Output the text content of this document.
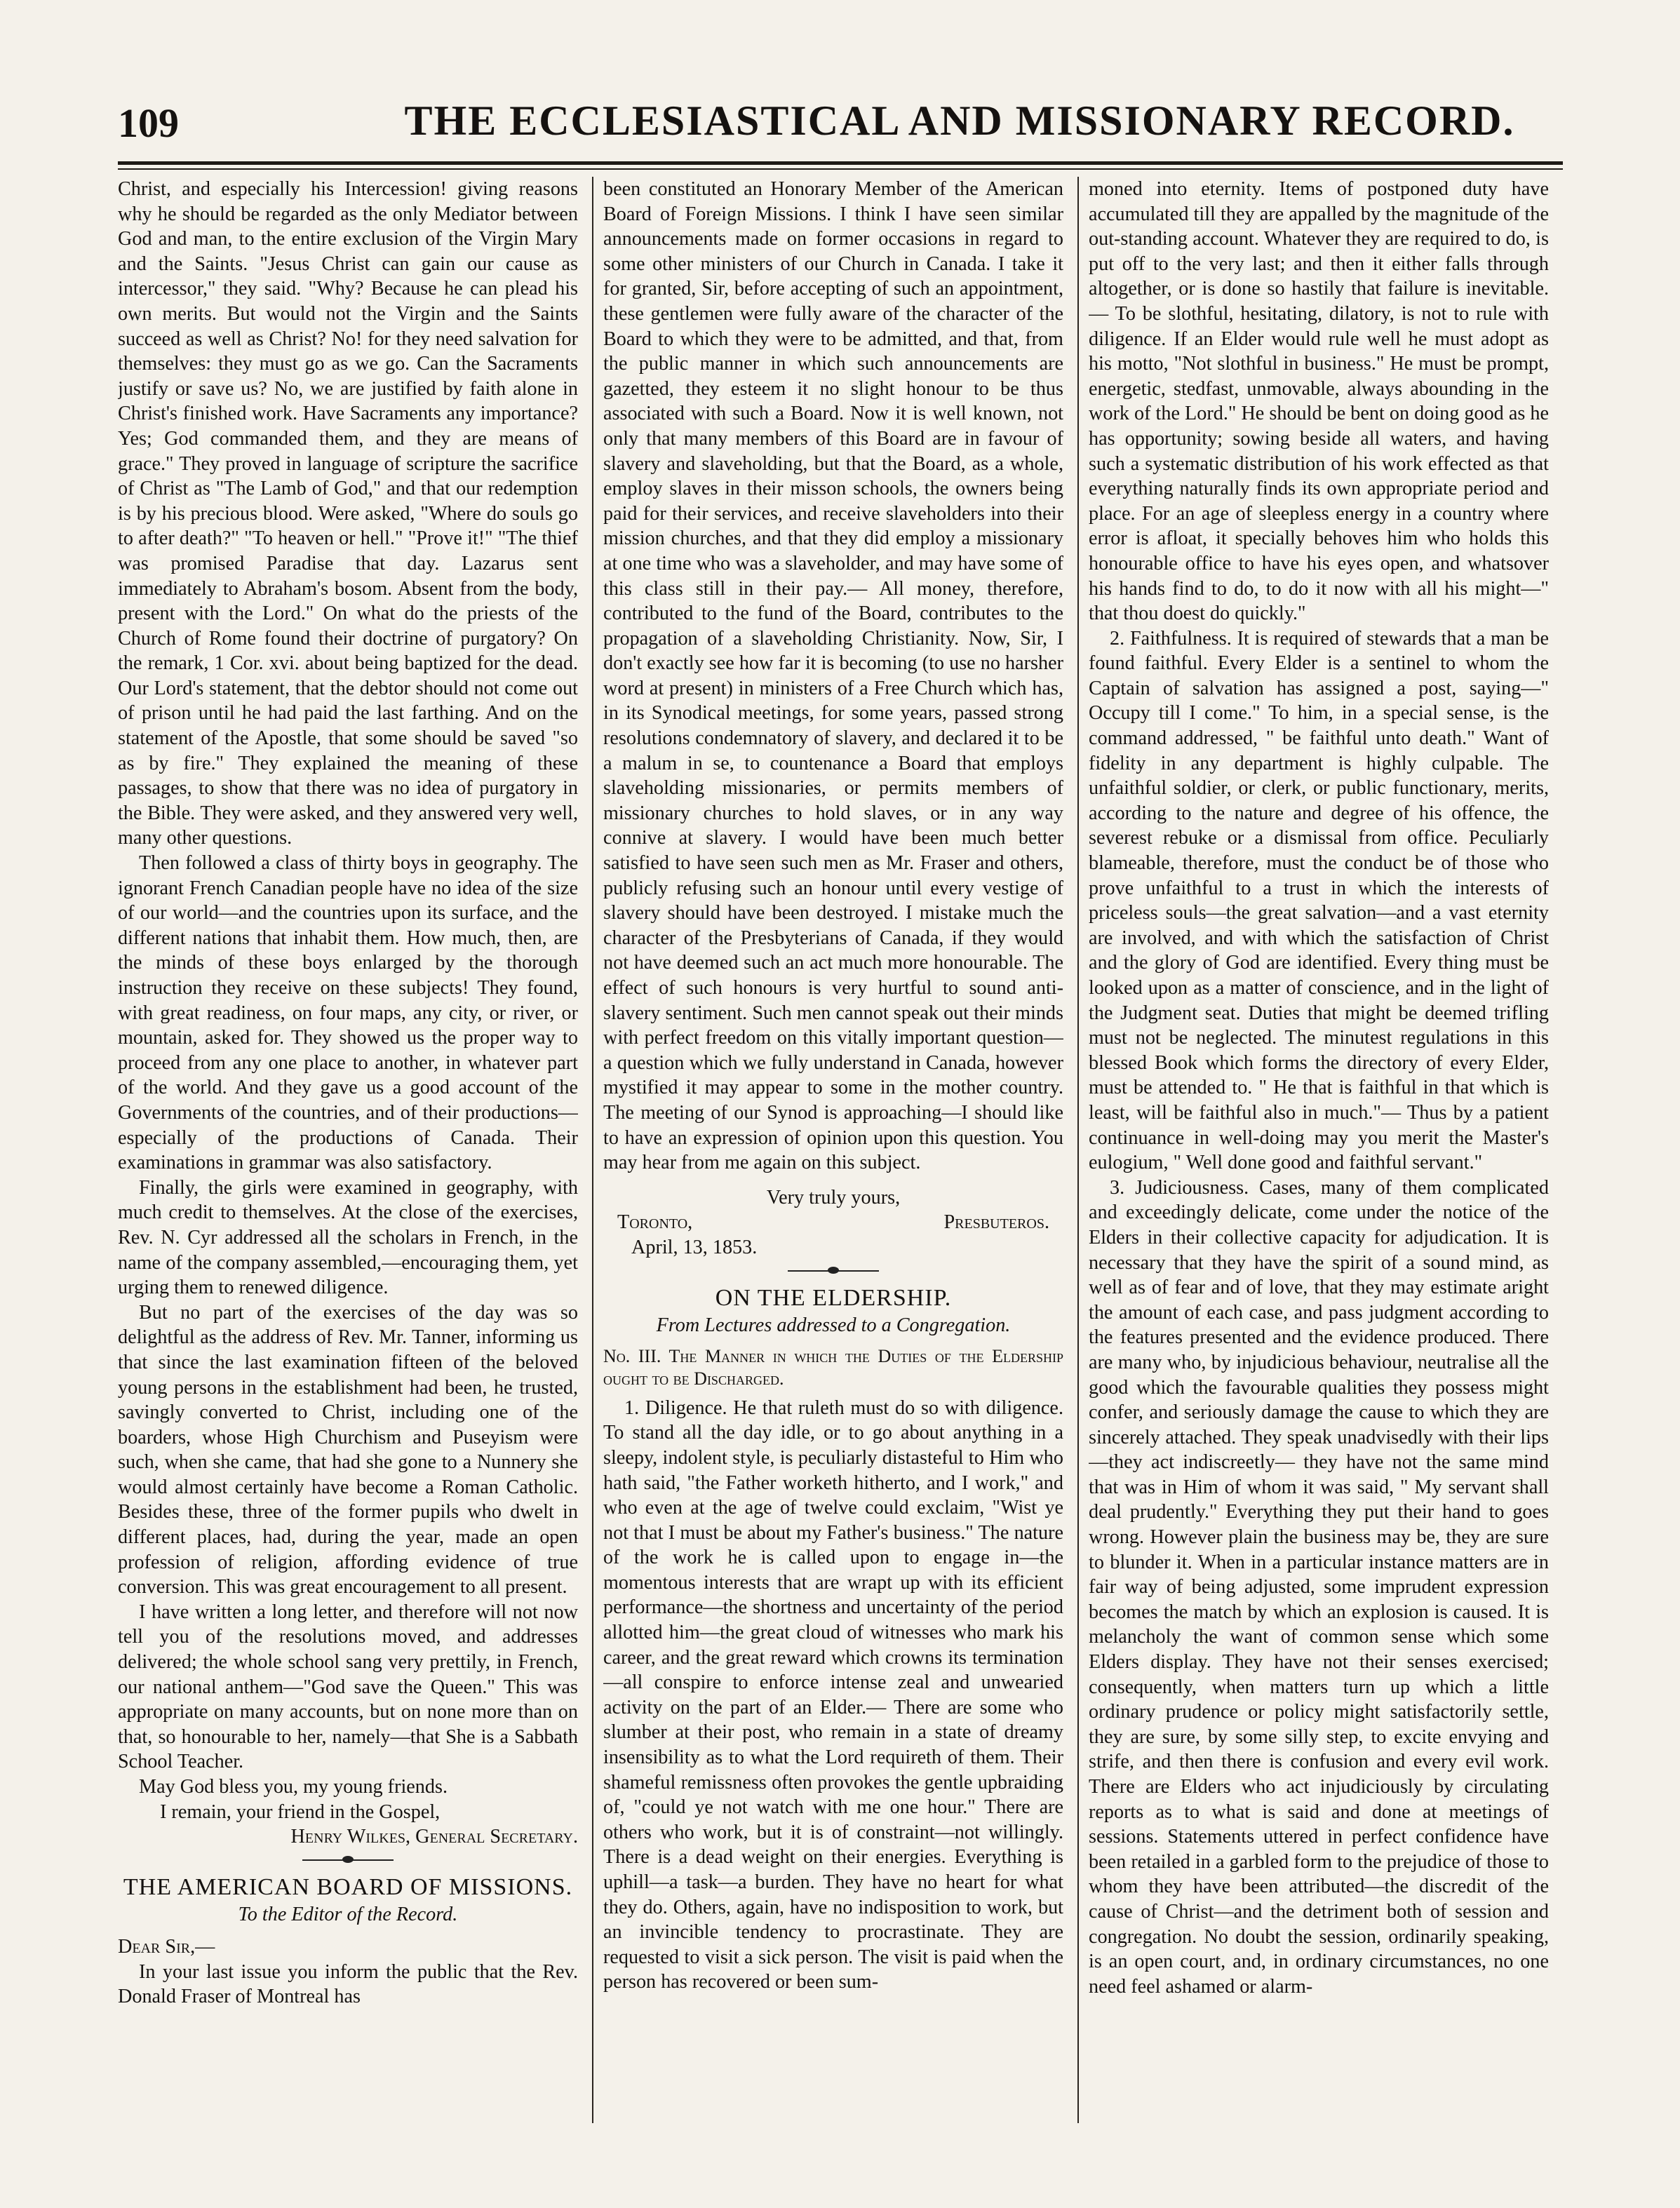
109	THE ECCLESIASTICAL AND MISSIONARY RECORD.

Christ, and especially his Intercession! giving reasons why he should be regarded as the only Mediator between God and man, to the entire exclusion of the Virgin Mary and the Saints. "Jesus Christ can gain our cause as intercessor," they said. "Why? Because he can plead his own merits. But would not the Virgin and the Saints succeed as well as Christ? No! for they need salvation for themselves: they must go as we go. Can the Sacraments justify or save us? No, we are justified by faith alone in Christ's finished work. Have Sacraments any importance? Yes; God commanded them, and they are means of grace." They proved in language of scripture the sacrifice of Christ as "The Lamb of God," and that our redemption is by his precious blood. Were asked, "Where do souls go to after death?" "To heaven or hell." "Prove it!" "The thief was promised Paradise that day. Lazarus sent immediately to Abraham's bosom. Absent from the body, present with the Lord." On what do the priests of the Church of Rome found their doctrine of purgatory? On the remark, 1 Cor. xvi. about being baptized for the dead. Our Lord's statement, that the debtor should not come out of prison until he had paid the last farthing. And on the statement of the Apostle, that some should be saved "so as by fire." They explained the meaning of these passages, to show that there was no idea of purgatory in the Bible. They were asked, and they answered very well, many other questions.

Then followed a class of thirty boys in geography. The ignorant French Canadian people have no idea of the size of our world—and the countries upon its surface, and the different nations that inhabit them. How much, then, are the minds of these boys enlarged by the thorough instruction they receive on these subjects! They found, with great readiness, on four maps, any city, or river, or mountain, asked for. They showed us the proper way to proceed from any one place to another, in whatever part of the world. And they gave us a good account of the Governments of the countries, and of their productions—especially of the productions of Canada. Their examinations in grammar was also satisfactory.

Finally, the girls were examined in geography, with much credit to themselves. At the close of the exercises, Rev. N. Cyr addressed all the scholars in French, in the name of the company assembled,—encouraging them, yet urging them to renewed diligence.

But no part of the exercises of the day was so delightful as the address of Rev. Mr. Tanner, informing us that since the last examination fifteen of the beloved young persons in the establishment had been, he trusted, savingly converted to Christ, including one of the boarders, whose High Churchism and Puseyism were such, when she came, that had she gone to a Nunnery she would almost certainly have become a Roman Catholic. Besides these, three of the former pupils who dwelt in different places, had, during the year, made an open profession of religion, affording evidence of true conversion. This was great encouragement to all present.

I have written a long letter, and therefore will not now tell you of the resolutions moved, and addresses delivered; the whole school sang very prettily, in French, our national anthem—"God save the Queen." This was appropriate on many accounts, but on none more than on that, so honourable to her, namely—that She is a Sabbath School Teacher.

May God bless you, my young friends.

I remain, your friend in the Gospel,

Henry Wilkes, General Secretary.

THE AMERICAN BOARD OF MISSIONS.
To the Editor of the Record.

Dear Sir,—

In your last issue you inform the public that the Rev. Donald Fraser of Montreal has

been constituted an Honorary Member of the American Board of Foreign Missions. I think I have seen similar announcements made on former occasions in regard to some other ministers of our Church in Canada. I take it for granted, Sir, before accepting of such an appointment, these gentlemen were fully aware of the character of the Board to which they were to be admitted, and that, from the public manner in which such announcements are gazetted, they esteem it no slight honour to be thus associated with such a Board. Now it is well known, not only that many members of this Board are in favour of slavery and slaveholding, but that the Board, as a whole, employ slaves in their misson schools, the owners being paid for their services, and receive slaveholders into their mission churches, and that they did employ a missionary at one time who was a slaveholder, and may have some of this class still in their pay.— All money, therefore, contributed to the fund of the Board, contributes to the propagation of a slaveholding Christianity. Now, Sir, I don't exactly see how far it is becoming (to use no harsher word at present) in ministers of a Free Church which has, in its Synodical meetings, for some years, passed strong resolutions condemnatory of slavery, and declared it to be a malum in se, to countenance a Board that employs slaveholding missionaries, or permits members of missionary churches to hold slaves, or in any way connive at slavery. I would have been much better satisfied to have seen such men as Mr. Fraser and others, publicly refusing such an honour until every vestige of slavery should have been destroyed. I mistake much the character of the Presbyterians of Canada, if they would not have deemed such an act much more honourable. The effect of such honours is very hurtful to sound anti-slavery sentiment. Such men cannot speak out their minds with perfect freedom on this vitally important question—a question which we fully understand in Canada, however mystified it may appear to some in the mother country. The meeting of our Synod is approaching—I should like to have an expression of opinion upon this question. You may hear from me again on this subject.

Very truly yours,

Toronto,	Presbuteros.

April, 13, 1853.

ON THE ELDERSHIP.
From Lectures addressed to a Congregation.

No. III. The Manner in which the Duties of the Eldership ought to be Discharged.

1. Diligence. He that ruleth must do so with diligence. To stand all the day idle, or to go about anything in a sleepy, indolent style, is peculiarly distasteful to Him who hath said, "the Father worketh hitherto, and I work," and who even at the age of twelve could exclaim, "Wist ye not that I must be about my Father's business." The nature of the work he is called upon to engage in—the momentous interests that are wrapt up with its efficient performance—the shortness and uncertainty of the period allotted him—the great cloud of witnesses who mark his career, and the great reward which crowns its termination—all conspire to enforce intense zeal and unwearied activity on the part of an Elder.— There are some who slumber at their post, who remain in a state of dreamy insensibility as to what the Lord requireth of them. Their shameful remissness often provokes the gentle upbraiding of, "could ye not watch with me one hour." There are others who work, but it is of constraint—not willingly. There is a dead weight on their energies. Everything is uphill—a task—a burden. They have no heart for what they do. Others, again, have no indisposition to work, but an invincible tendency to procrastinate. They are requested to visit a sick person. The visit is paid when the person has recovered or been sum-

moned into eternity. Items of postponed duty have accumulated till they are appalled by the magnitude of the out-standing account. Whatever they are required to do, is put off to the very last; and then it either falls through altogether, or is done so hastily that failure is inevitable.— To be slothful, hesitating, dilatory, is not to rule with diligence. If an Elder would rule well he must adopt as his motto, "Not slothful in business." He must be prompt, energetic, stedfast, unmovable, always abounding in the work of the Lord." He should be bent on doing good as he has opportunity; sowing beside all waters, and having such a systematic distribution of his work effected as that everything naturally finds its own appropriate period and place. For an age of sleepless energy in a country where error is afloat, it specially behoves him who holds this honourable office to have his eyes open, and whatsover his hands find to do, to do it now with all his might—" that thou doest do quickly."

2. Faithfulness. It is required of stewards that a man be found faithful. Every Elder is a sentinel to whom the Captain of salvation has assigned a post, saying—" Occupy till I come." To him, in a special sense, is the command addressed, " be faithful unto death." Want of fidelity in any department is highly culpable. The unfaithful soldier, or clerk, or public functionary, merits, according to the nature and degree of his offence, the severest rebuke or a dismissal from office. Peculiarly blameable, therefore, must the conduct be of those who prove unfaithful to a trust in which the interests of priceless souls—the great salvation—and a vast eternity are involved, and with which the satisfaction of Christ and the glory of God are identified. Every thing must be looked upon as a matter of conscience, and in the light of the Judgment seat. Duties that might be deemed trifling must not be neglected. The minutest regulations in this blessed Book which forms the directory of every Elder, must be attended to. " He that is faithful in that which is least, will be faithful also in much."— Thus by a patient continuance in well-doing may you merit the Master's eulogium, " Well done good and faithful servant."

3. Judiciousness. Cases, many of them complicated and exceedingly delicate, come under the notice of the Elders in their collective capacity for adjudication. It is necessary that they have the spirit of a sound mind, as well as of fear and of love, that they may estimate aright the amount of each case, and pass judgment according to the features presented and the evidence produced. There are many who, by injudicious behaviour, neutralise all the good which the favourable qualities they possess might confer, and seriously damage the cause to which they are sincerely attached. They speak unadvisedly with their lips—they act indiscreetly— they have not the same mind that was in Him of whom it was said, " My servant shall deal prudently." Everything they put their hand to goes wrong. However plain the business may be, they are sure to blunder it. When in a particular instance matters are in fair way of being adjusted, some imprudent expression becomes the match by which an explosion is caused. It is melancholy the want of common sense which some Elders display. They have not their senses exercised; consequently, when matters turn up which a little ordinary prudence or policy might satisfactorily settle, they are sure, by some silly step, to excite envying and strife, and then there is confusion and every evil work. There are Elders who act injudiciously by circulating reports as to what is said and done at meetings of sessions. Statements uttered in perfect confidence have been retailed in a garbled form to the prejudice of those to whom they have been attributed—the discredit of the cause of Christ—and the detriment both of session and congregation. No doubt the session, ordinarily speaking, is an open court, and, in ordinary circumstances, no one need feel ashamed or alarm-
